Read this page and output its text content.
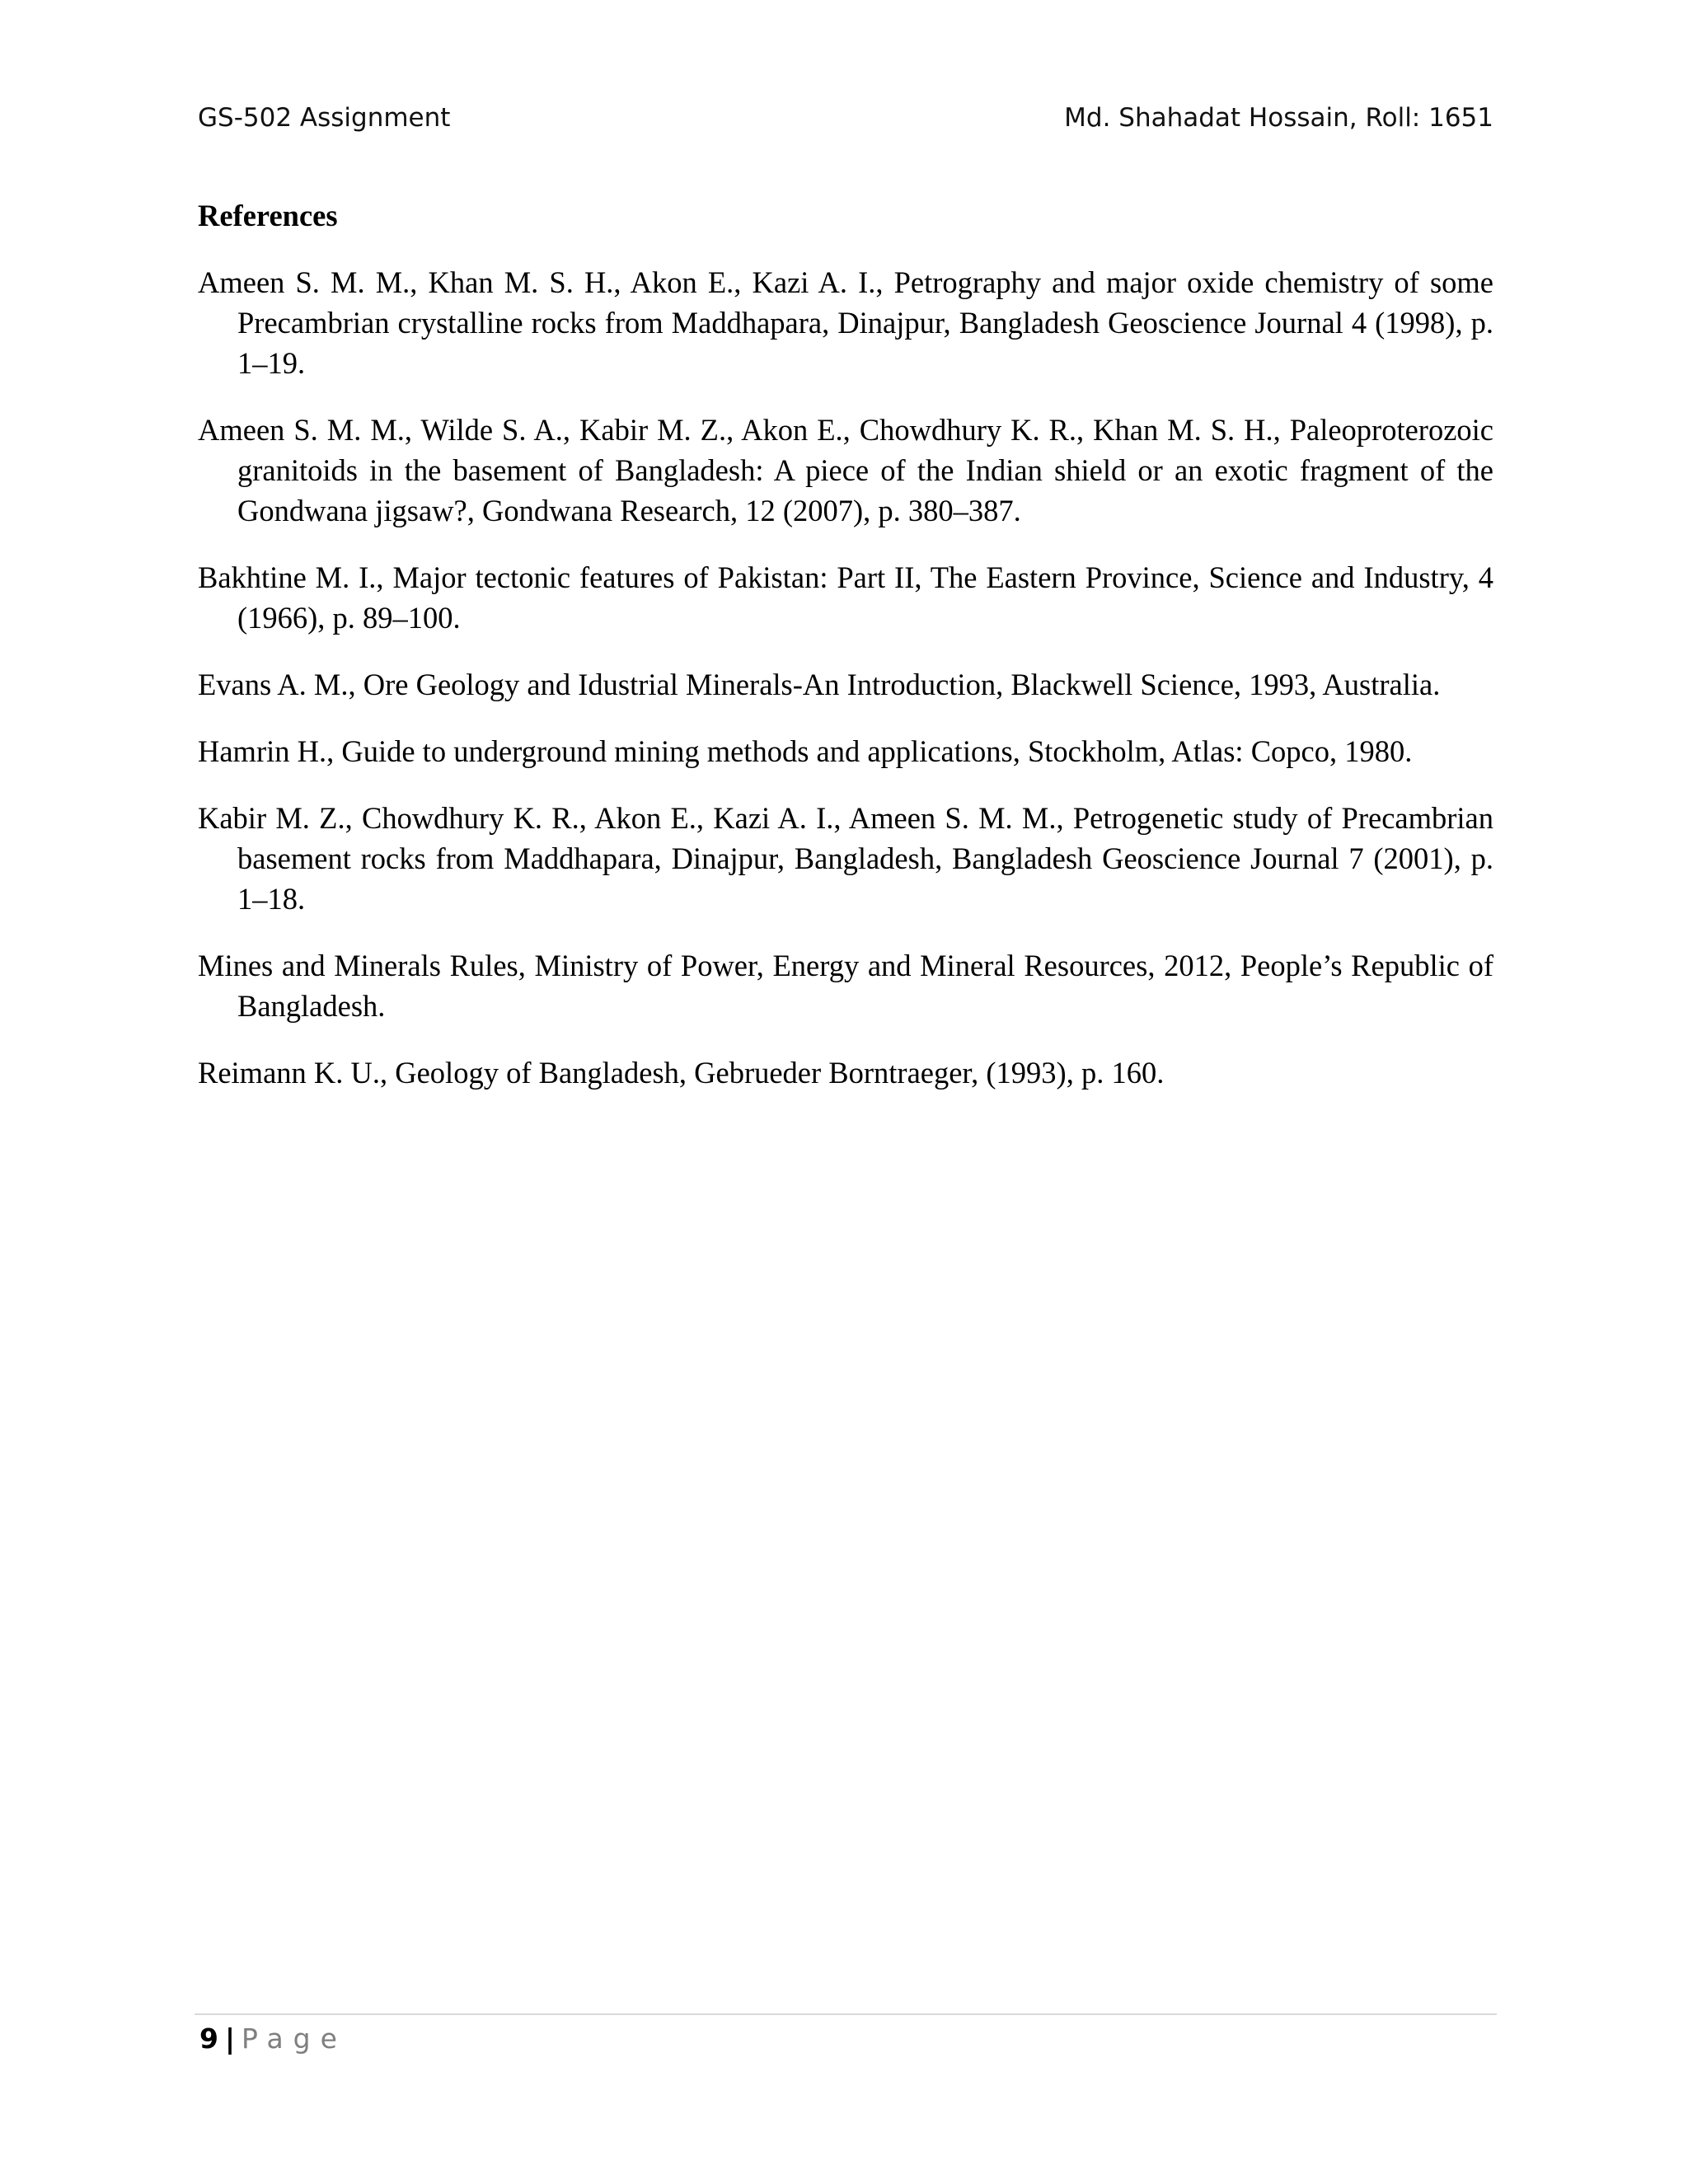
GS-502 Assignment	Md. Shahadat Hossain, Roll: 1651
References

Ameen S. M. M., Khan M. S. H., Akon E., Kazi A. I., Petrography and major oxide chemistry of some Precambrian crystalline rocks from Maddhapara, Dinajpur, Bangladesh Geoscience Journal 4 (1998), p. 1–19.

Ameen S. M. M., Wilde S. A., Kabir M. Z., Akon E., Chowdhury K. R., Khan M. S. H., Paleoproterozoic granitoids in the basement of Bangladesh: A piece of the Indian shield or an exotic fragment of the Gondwana jigsaw?, Gondwana Research, 12 (2007), p. 380–387.

Bakhtine M. I., Major tectonic features of Pakistan: Part II, The Eastern Province, Science and Industry, 4 (1966), p. 89–100.

Evans A. M., Ore Geology and Idustrial Minerals-An Introduction, Blackwell Science, 1993, Australia.

Hamrin H., Guide to underground mining methods and applications, Stockholm, Atlas: Copco, 1980.

Kabir M. Z., Chowdhury K. R., Akon E., Kazi A. I., Ameen S. M. M., Petrogenetic study of Precambrian basement rocks from Maddhapara, Dinajpur, Bangladesh, Bangladesh Geoscience Journal 7 (2001), p. 1–18.

Mines and Minerals Rules, Ministry of Power, Energy and Mineral Resources, 2012, People’s Republic of Bangladesh.

Reimann K. U., Geology of Bangladesh, Gebrueder Borntraeger, (1993), p. 160.

9 | Page
